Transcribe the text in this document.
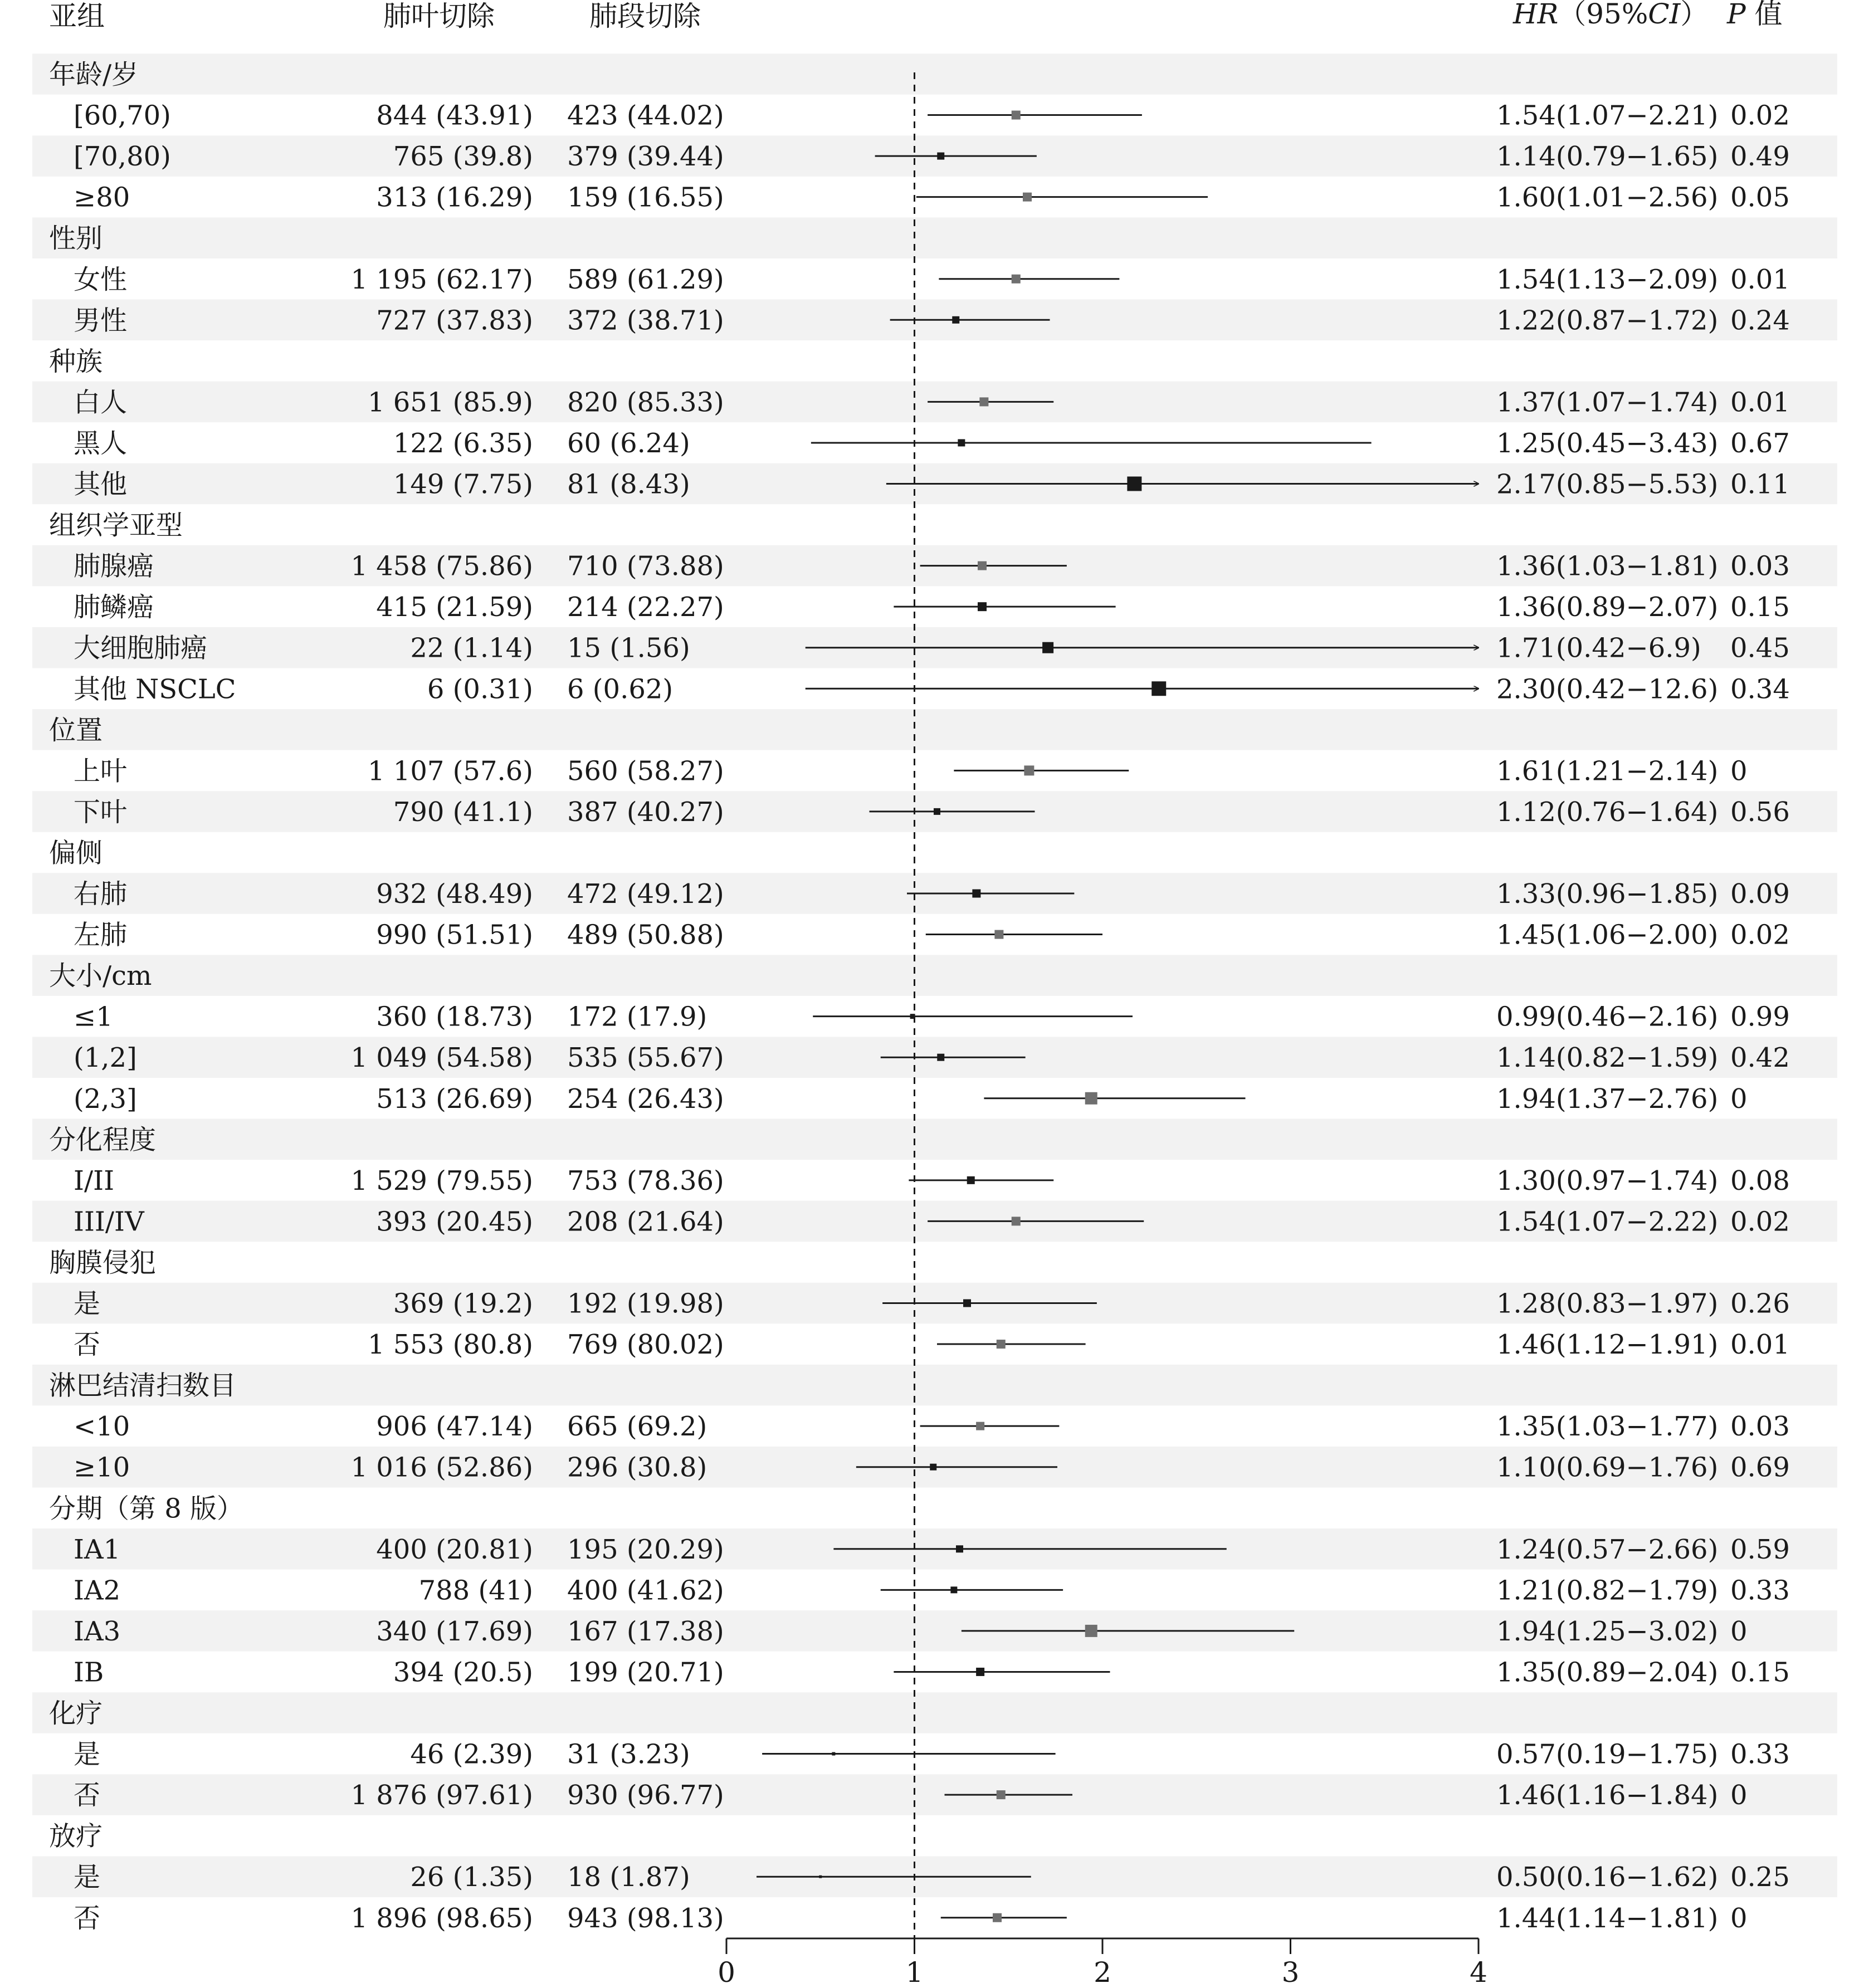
亚组	肺叶切除	肺段切除	HR（95%CI） P 值
年龄/岁
[60,70)	844 (43.91) 423 (44.02)	1.54(1.07−2.21) 0.02
[70,80)	765 (39.8) 379 (39.44)	1.14(0.79−1.65) 0.49
≥80	313 (16.29) 159 (16.55)	1.60(1.01−2.56) 0.05
性别
女性	1 195 (62.17) 589 (61.29)	1.54(1.13−2.09) 0.01
男性	727 (37.83) 372 (38.71)	1.22(0.87−1.72) 0.24
种族
白人	1 651 (85.9) 820 (85.33)	1.37(1.07−1.74) 0.01
黑人	122 (6.35) 60 (6.24)	1.25(0.45−3.43) 0.67
其他	149 (7.75) 81 (8.43)	2.17(0.85−5.53) 0.11
组织学亚型
肺腺癌	1 458 (75.86) 710 (73.88)	1.36(1.03−1.81) 0.03
肺鳞癌	415 (21.59) 214 (22.27)	1.36(0.89−2.07) 0.15
大细胞肺癌	22 (1.14) 15 (1.56)	1.71(0.42−6.9) 0.45
其他 NSCLC	6 (0.31) 6 (0.62)	2.30(0.42−12.6) 0.34
位置
上叶	1 107 (57.6) 560 (58.27)	1.61(1.21−2.14) 0
下叶	790 (41.1) 387 (40.27)	1.12(0.76−1.64) 0.56
偏侧
右肺	932 (48.49) 472 (49.12)	1.33(0.96−1.85) 0.09
左肺	990 (51.51) 489 (50.88)	1.45(1.06−2.00) 0.02
大小/cm
≤1	360 (18.73) 172 (17.9)	0.99(0.46−2.16) 0.99
(1,2]	1 049 (54.58) 535 (55.67)	1.14(0.82−1.59) 0.42
(2,3]	513 (26.69) 254 (26.43)	1.94(1.37−2.76) 0
分化程度
I/II	1 529 (79.55) 753 (78.36)	1.30(0.97−1.74) 0.08
III/IV	393 (20.45) 208 (21.64)	1.54(1.07−2.22) 0.02
胸膜侵犯
是	369 (19.2) 192 (19.98)	1.28(0.83−1.97) 0.26
否	1 553 (80.8) 769 (80.02)	1.46(1.12−1.91) 0.01
淋巴结清扫数目
<10	906 (47.14) 665 (69.2)	1.35(1.03−1.77) 0.03
≥10	1 016 (52.86) 296 (30.8)	1.10(0.69−1.76) 0.69
分期（第 8 版）
IA1	400 (20.81) 195 (20.29)	1.24(0.57−2.66) 0.59
IA2	788 (41) 400 (41.62)	1.21(0.82−1.79) 0.33
IA3	340 (17.69) 167 (17.38)	1.94(1.25−3.02) 0
IB	394 (20.5) 199 (20.71)	1.35(0.89−2.04) 0.15
化疗
是	46 (2.39) 31 (3.23)	0.57(0.19−1.75) 0.33
否	1 876 (97.61) 930 (96.77)	1.46(1.16−1.84) 0
放疗
是	26 (1.35) 18 (1.87)	0.50(0.16−1.62) 0.25
否	1 896 (98.65) 943 (98.13)	1.44(1.14−1.81) 0
0	1	2	3	4
